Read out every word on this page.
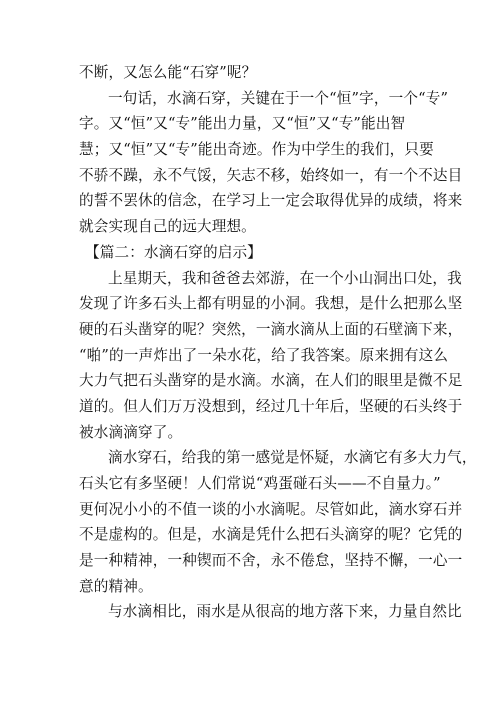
不断，又怎么能“石穿”呢？
一句话，水滴石穿，关键在于一个“恒”字，一个“专”
字。又“恒”又“专”能出力量，又“恒”又“专”能出智
慧；又“恒”又“专”能出奇迹。作为中学生的我们，只要
不骄不躁，永不气馁，矢志不移，始终如一，有一个不达目
的誓不罢休的信念，在学习上一定会取得优异的成绩，将来
就会实现自己的远大理想。
【篇二：水滴石穿的启示】
上星期天，我和爸爸去郊游，在一个小山洞出口处，我
发现了许多石头上都有明显的小洞。我想，是什么把那么坚
硬的石头凿穿的呢？突然，一滴水滴从上面的石壁滴下来，
“啪”的一声炸出了一朵水花，给了我答案。原来拥有这么
大力气把石头凿穿的是水滴。水滴，在人们的眼里是微不足
道的。但人们万万没想到，经过几十年后，坚硬的石头终于
被水滴滴穿了。
滴水穿石，给我的第一感觉是怀疑，水滴它有多大力气，
石头它有多坚硬！人们常说“鸡蛋碰石头——不自量力。”
更何况小小的不值一谈的小水滴呢。尽管如此，滴水穿石并
不是虚构的。但是，水滴是凭什么把石头滴穿的呢？它凭的
是一种精神，一种锲而不舍，永不倦怠，坚持不懈，一心一
意的精神。
与水滴相比，雨水是从很高的地方落下来，力量自然比
